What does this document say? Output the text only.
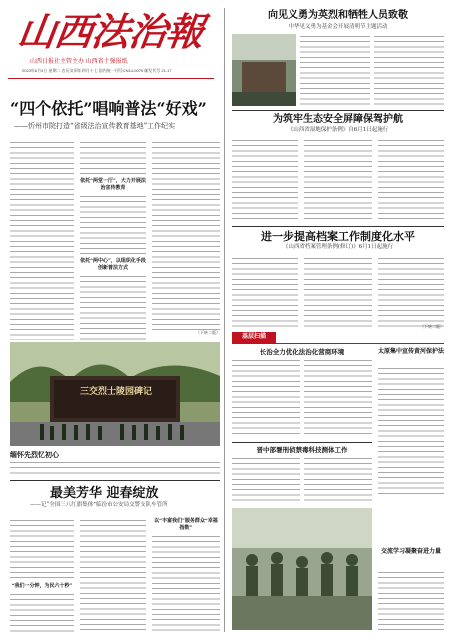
山西法治報
山西日报社主管主办 山西省十强报纸
2023年6月4日 星期二 农历癸卯年四月十七 国内统一刊号CN14-0075 邮发代号 21-17
“四个依托”唱响普法“好戏”
——忻州市院打造“省级法治宣传教育基地”工作纪实
依托“两堂一厅”，大力开展法治宣传教育
依托“两中心”，以组织化手段创新普法方式
（下转二版）
三交烈士陵园碑记
缅怀先烈忆初心
最美芳华 迎春绽放
——记“全国三八红旗集体”临汾市公安局交警支队车管所
“我们一分钟，为民六十秒”
以“丰富我们”服务群众“幸福指数”
向见义勇为英烈和牺牲人员致敬
中华见义勇为基金会开展清明节主题活动
为筑牢生态安全屏障保驾护航
《山西省湿地保护条例》自6月1日起施行
进一步提高档案工作制度化水平
《山西省档案管理条例(修订)》6月1日起施行
（下转二版）
基层扫描
长治全力优化法治化营商环境	太原集中宣传黄河保护法
晋中部署刑侦禁毒科技测体工作
交流学习凝聚奋进力量
